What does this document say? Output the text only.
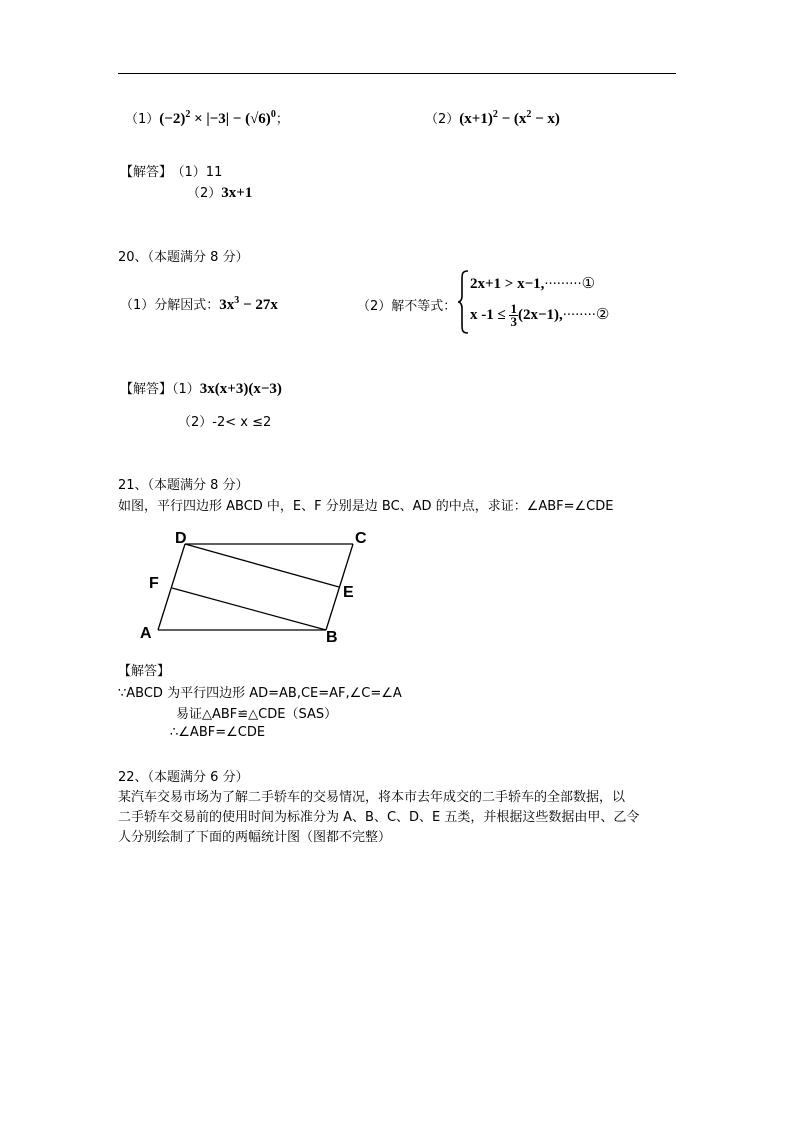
$(1)(-2)^2 \times |-3| - (√6)^0$；	$(2)(x+1)^2 - (x^2 - x)$
【解答】 （1）11
（2）3x+1
20、（本题满分 8 分）
（1）分解因式：$3x^3 - 27x$	（2）解不等式：
2x+1 > x−1,·········①
x $-1 \le \frac{1}{3}$ (2x−1),········②
【解答】（1）3x(x+3)(x−3)
（2）-2< x ≤2
21、（本题满分 8 分）
如图，平行四边形 ABCD 中，E、F 分别是边 BC、AD 的中点，求证：∠ABF=∠CDE
D	C
F
E
A	B
【解答】
∵ABCD 为平行四边形 AD=AB,CE=AF,∠C=∠A
易证△ABF≌△CDE（SAS）
∴∠ABF=∠CDE
22、（本题满分 6 分）
某汽车交易市场为了解二手轿车的交易情况，将本市去年成交的二手轿车的全部数据，以
二手轿车交易前的使用时间为标准分为 A、B、C、D、E 五类，并根据这些数据由甲、乙令
人分别绘制了下面的两幅统计图（图都不完整）
